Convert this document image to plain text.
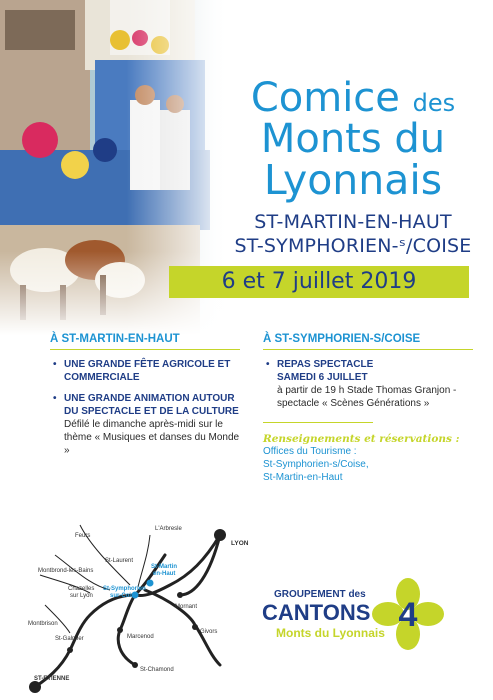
Comice des
Monts du
Lyonnais
ST-MARTIN-EN-HAUT
ST-SYMPHORIEN-ˢ/COISE
6 et 7 juillet 2019
À ST-MARTIN-EN-HAUT
• UNE GRANDE FÊTE AGRICOLE ET COMMERCIALE
• UNE GRANDE ANIMATION AUTOUR DU SPECTACLE ET DE LA CULTURE
Défilé le dimanche après-midi sur le thème « Musiques et danses du Monde »
À ST-SYMPHORIEN-S/COISE
• REPAS SPECTACLE
SAMEDI 6 JUILLET
à partir de 19 h Stade Thomas Granjon - spectacle « Scènes Générations »
Renseignements et réservations :
Offices du Tourisme :
St-Symphorien-s/Coise,
St-Martin-en-Haut
L'Arbresle
Feurs
St-Laurent
LYON
Montbrond-les-Bains
St-Martin
en-Haut
Chazelles
sur Lyon
St-Symphorien
sur-Coise
Mornant
Montbrison
St-Galmier
Givors
Marcenod
St-Chamond
ST-ETIENNE
4
GROUPEMENT des
CANTONS
Monts du Lyonnais
